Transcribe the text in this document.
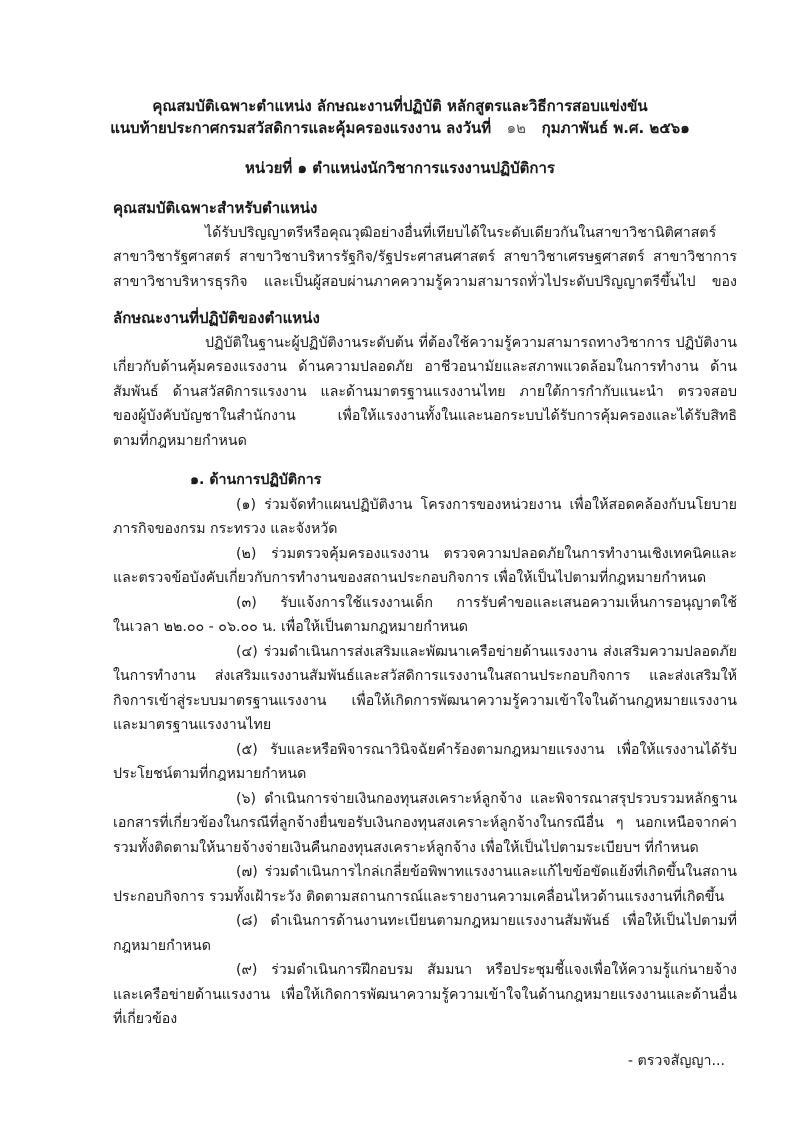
คุณสมบัติเฉพาะตำแหน่ง ลักษณะงานที่ปฏิบัติ หลักสูตรและวิธีการสอบแข่งขัน
แนบท้ายประกาศกรมสวัสดิการและคุ้มครองแรงงาน ลงวันที่ ๑๒ กุมภาพันธ์ พ.ศ. ๒๕๖๑
หน่วยที่ ๑ ตำแหน่งนักวิชาการแรงงานปฏิบัติการ
คุณสมบัติเฉพาะสำหรับตำแหน่ง
ได้รับปริญญาตรีหรือคุณวุฒิอย่างอื่นที่เทียบได้ในระดับเดียวกันในสาขาวิชานิติศาสตร์
สาขาวิชารัฐศาสตร์ สาขาวิชาบริหารรัฐกิจ/รัฐประศาสนศาสตร์ สาขาวิชาเศรษฐศาสตร์ สาขาวิชาการ
สาขาวิชาบริหารธุรกิจ และเป็นผู้สอบผ่านภาคความรู้ความสามารถทั่วไประดับปริญญาตรีขึ้นไป ของ
ลักษณะงานที่ปฏิบัติของตำแหน่ง
ปฏิบัติในฐานะผู้ปฏิบัติงานระดับต้น ที่ต้องใช้ความรู้ความสามารถทางวิชาการ ปฏิบัติงาน
เกี่ยวกับด้านคุ้มครองแรงงาน ด้านความปลอดภัย อาชีวอนามัยและสภาพแวดล้อมในการทำงาน ด้าน
สัมพันธ์ ด้านสวัสดิการแรงงาน และด้านมาตรฐานแรงงานไทย ภายใต้การกำกับแนะนำ ตรวจสอบ
ของผู้บังคับบัญชาในสำนักงาน เพื่อให้แรงงานทั้งในและนอกระบบได้รับการคุ้มครองและได้รับสิทธิ
ตามที่กฎหมายกำหนด
๑. ด้านการปฏิบัติการ
(๑) ร่วมจัดทำแผนปฏิบัติงาน โครงการของหน่วยงาน เพื่อให้สอดคล้องกับนโยบาย
ภารกิจของกรม กระทรวง และจังหวัด
(๒) ร่วมตรวจคุ้มครองแรงงาน ตรวจความปลอดภัยในการทำงานเชิงเทคนิคและ
และตรวจข้อบังคับเกี่ยวกับการทำงานของสถานประกอบกิจการ เพื่อให้เป็นไปตามที่กฎหมายกำหนด
(๓) รับแจ้งการใช้แรงงานเด็ก การรับคำขอและเสนอความเห็นการอนุญาตใช้
ในเวลา ๒๒.๐๐ - ๐๖.๐๐ น. เพื่อให้เป็นตามกฎหมายกำหนด
(๔) ร่วมดำเนินการส่งเสริมและพัฒนาเครือข่ายด้านแรงงาน ส่งเสริมความปลอดภัย
ในการทำงาน ส่งเสริมแรงงานสัมพันธ์และสวัสดิการแรงงานในสถานประกอบกิจการ และส่งเสริมให้
กิจการเข้าสู่ระบบมาตรฐานแรงงาน เพื่อให้เกิดการพัฒนาความรู้ความเข้าใจในด้านกฎหมายแรงงาน
และมาตรฐานแรงงานไทย
(๕) รับและหรือพิจารณาวินิจฉัยคำร้องตามกฎหมายแรงงาน เพื่อให้แรงงานได้รับ
ประโยชน์ตามที่กฎหมายกำหนด
(๖) ดำเนินการจ่ายเงินกองทุนสงเคราะห์ลูกจ้าง และพิจารณาสรุปรวบรวมหลักฐาน
เอกสารที่เกี่ยวข้องในกรณีที่ลูกจ้างยื่นขอรับเงินกองทุนสงเคราะห์ลูกจ้างในกรณีอื่น ๆ นอกเหนือจากค่า
รวมทั้งติดตามให้นายจ้างจ่ายเงินคืนกองทุนสงเคราะห์ลูกจ้าง เพื่อให้เป็นไปตามระเบียบฯ ที่กำหนด
(๗) ร่วมดำเนินการไกล่เกลี่ยข้อพิพาทแรงงานและแก้ไขข้อขัดแย้งที่เกิดขึ้นในสถาน
ประกอบกิจการ รวมทั้งเฝ้าระวัง ติดตามสถานการณ์และรายงานความเคลื่อนไหวด้านแรงงานที่เกิดขึ้น
(๘) ดำเนินการด้านงานทะเบียนตามกฎหมายแรงงานสัมพันธ์ เพื่อให้เป็นไปตามที่
กฎหมายกำหนด
(๙) ร่วมดำเนินการฝึกอบรม สัมมนา หรือประชุมชี้แจงเพื่อให้ความรู้แก่นายจ้าง
และเครือข่ายด้านแรงงาน เพื่อให้เกิดการพัฒนาความรู้ความเข้าใจในด้านกฎหมายแรงงานและด้านอื่น
ที่เกี่ยวข้อง
- ตรวจสัญญา...
